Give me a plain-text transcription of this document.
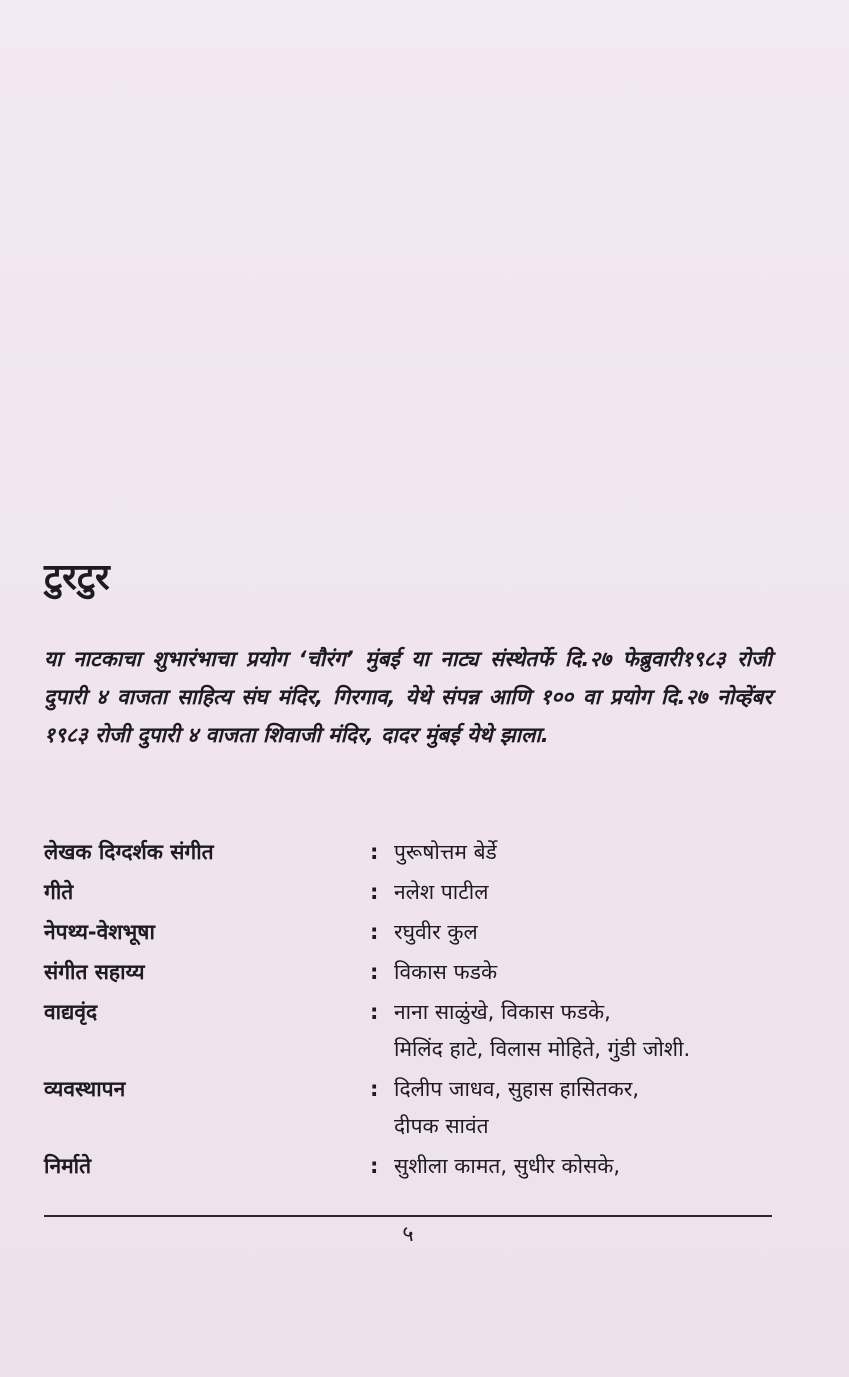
टुरटुर
या नाटकाचा शुभारंभाचा प्रयोग ‘चौरंग’ मुंबई या नाट्य संस्थेतर्फे दि.२७ फेब्रुवारी१९८३ रोजी दुपारी ४ वाजता साहित्य संघ मंदिर, गिरगाव, येथे संपन्न आणि १०० वा प्रयोग दि.२७ नोव्हेंबर १९८३ रोजी दुपारी ४ वाजता शिवाजी मंदिर, दादर मुंबई येथे झाला.
लेखक दिग्दर्शक संगीत	: पुरूषोत्तम बेर्डे
गीते	: नलेश पाटील
नेपथ्य-वेशभूषा	: रघुवीर कुल
संगीत सहाय्य	: विकास फडके
वाद्यवृंद	: नाना साळुंखे, विकास फडके,
मिलिंद हाटे, विलास मोहिते, गुंडी जोशी.
व्यवस्थापन	: दिलीप जाधव, सुहास हासितकर,
दीपक सावंत
निर्माते	: सुशीला कामत, सुधीर कोसके,
५
